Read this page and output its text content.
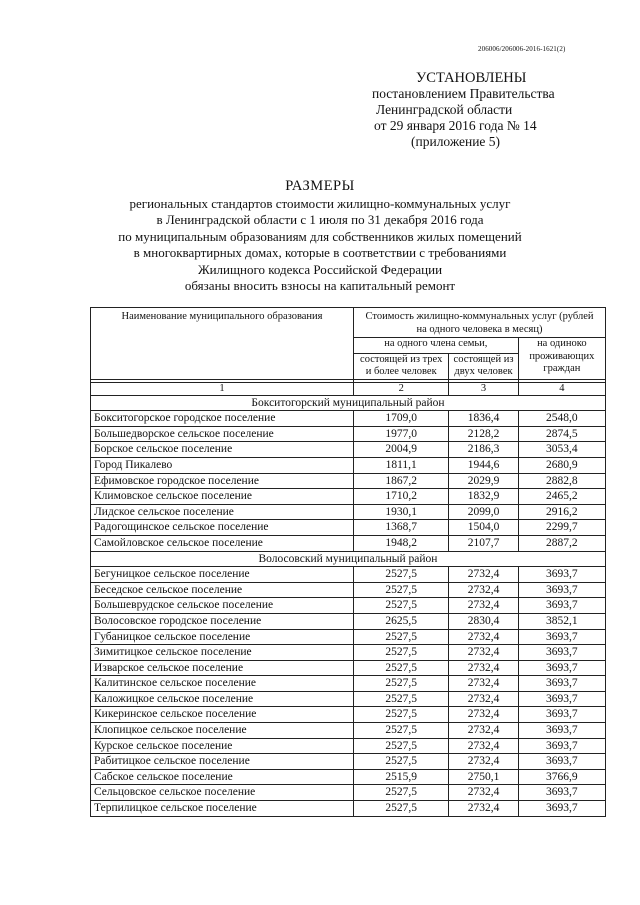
206006/206006-2016-1621(2)
УСТАНОВЛЕНЫ
постановлением Правительства
Ленинградской области
от 29 января 2016 года № 14
(приложение 5)
РАЗМЕРЫ
региональных стандартов стоимости жилищно-коммунальных услуг
в Ленинградской области с 1 июля по 31 декабря 2016 года
по муниципальным образованиям для собственников жилых помещений
в многоквартирных домах, которые в соответствии с требованиями
Жилищного кодекса Российской Федерации
обязаны вносить взносы на капитальный ремонт
Наименование муниципального образования	Стоимость жилищно-коммунальных услуг (рублей на одного человека в месяц)		
	на одного члена семьи,		на одиноко проживающих граждан
	состоящей из трех и более человек	состоящей из двух человек	

1	2	3	4
Бокситогорский муниципальный район			
Бокситогорское городское поселение	1709,0	1836,4	2548,0
Большедворское сельское поселение	1977,0	2128,2	2874,5
Борское сельское поселение	2004,9	2186,3	3053,4
Город Пикалево	1811,1	1944,6	2680,9
Ефимовское городское поселение	1867,2	2029,9	2882,8
Климовское сельское поселение	1710,2	1832,9	2465,2
Лидское сельское поселение	1930,1	2099,0	2916,2
Радогощинское сельское поселение	1368,7	1504,0	2299,7
Самойловское сельское поселение	1948,2	2107,7	2887,2
Волосовский муниципальный район			
Бегуницкое сельское поселение	2527,5	2732,4	3693,7
Беседское сельское поселение	2527,5	2732,4	3693,7
Большеврудское сельское поселение	2527,5	2732,4	3693,7
Волосовское городское поселение	2625,5	2830,4	3852,1
Губаницкое сельское поселение	2527,5	2732,4	3693,7
Зимитицкое сельское поселение	2527,5	2732,4	3693,7
Изварское сельское поселение	2527,5	2732,4	3693,7
Калитинское сельское поселение	2527,5	2732,4	3693,7
Каложицкое сельское поселение	2527,5	2732,4	3693,7
Кикеринское сельское поселение	2527,5	2732,4	3693,7
Клопицкое сельское поселение	2527,5	2732,4	3693,7
Курское сельское поселение	2527,5	2732,4	3693,7
Рабитицкое сельское поселение	2527,5	2732,4	3693,7
Сабское сельское поселение	2515,9	2750,1	3766,9
Сельцовское сельское поселение	2527,5	2732,4	3693,7
Терпилицкое сельское поселение	2527,5	2732,4	3693,7
